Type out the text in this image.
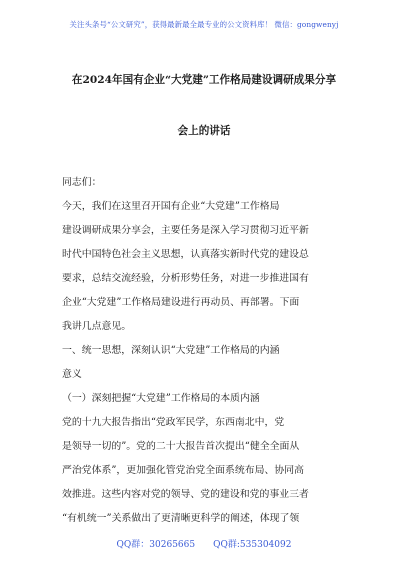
关注头条号“公文研究”，获得最新最全最专业的公文资料库！ 微信：gongwenyj
在2024年国有企业“大党建”工作格局建设调研成果分享
会上的讲话
同志们：
今天，我们在这里召开国有企业“大党建”工作格局
建设调研成果分享会，主要任务是深入学习贯彻习近平新
时代中国特色社会主义思想，认真落实新时代党的建设总
要求，总结交流经验，分析形势任务，对进一步推进国有
企业“大党建”工作格局建设进行再动员、再部署。下面
我讲几点意见。
一、统一思想，深刻认识“大党建”工作格局的内涵
意义
（一）深刻把握“大党建”工作格局的本质内涵
党的十九大报告指出“党政军民学，东西南北中，党
是领导一切的”。党的二十大报告首次提出“健全全面从
严治党体系”，更加强化管党治党全面系统布局、协同高
效推进。这些内容对党的领导、党的建设和党的事业三者
“有机统一”关系做出了更清晰更科学的阐述，体现了领
QQ群：30265665 QQ群:535304092
